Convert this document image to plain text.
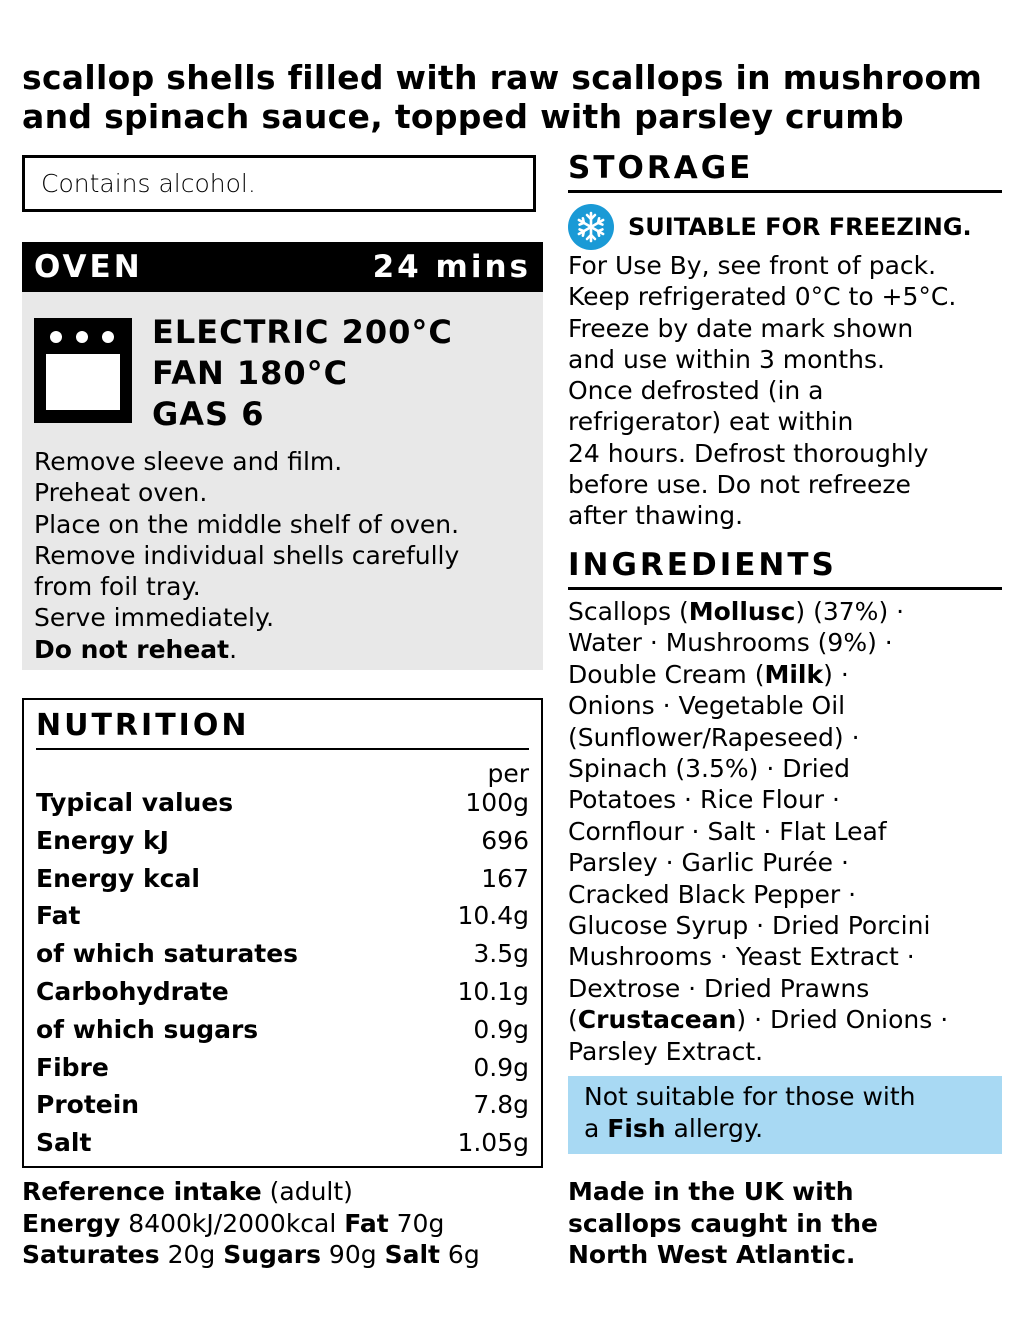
scallop shells filled with raw scallops in mushroom
and spinach sauce, topped with parsley crumb
Contains alcohol.
OVEN	24 mins
ELECTRIC 200°C
FAN 180°C
GAS 6
Remove sleeve and film.
Preheat oven.
Place on the middle shelf of oven.
Remove individual shells carefully
from foil tray.
Serve immediately.
Do not reheat.
NUTRITION
per
Typical values	100g
Energy kJ	696
Energy kcal	167
Fat	10.4g
of which saturates	3.5g
Carbohydrate	10.1g
of which sugars	0.9g
Fibre	0.9g
Protein	7.8g
Salt	1.05g
Reference intake (adult)
Energy 8400kJ/2000kcal Fat 70g
Saturates 20g Sugars 90g Salt 6g
STORAGE
SUITABLE FOR FREEZING.
For Use By, see front of pack.
Keep refrigerated 0°C to +5°C.
Freeze by date mark shown
and use within 3 months.
Once defrosted (in a
refrigerator) eat within
24 hours. Defrost thoroughly
before use. Do not refreeze
after thawing.
INGREDIENTS
Scallops (Mollusc) (37%) ·
Water · Mushrooms (9%) ·
Double Cream (Milk) ·
Onions · Vegetable Oil
(Sunflower/Rapeseed) ·
Spinach (3.5%) · Dried
Potatoes · Rice Flour ·
Cornflour · Salt · Flat Leaf
Parsley · Garlic Purée ·
Cracked Black Pepper ·
Glucose Syrup · Dried Porcini
Mushrooms · Yeast Extract ·
Dextrose · Dried Prawns
(Crustacean) · Dried Onions ·
Parsley Extract.
Not suitable for those with
a Fish allergy.
Made in the UK with
scallops caught in the
North West Atlantic.
